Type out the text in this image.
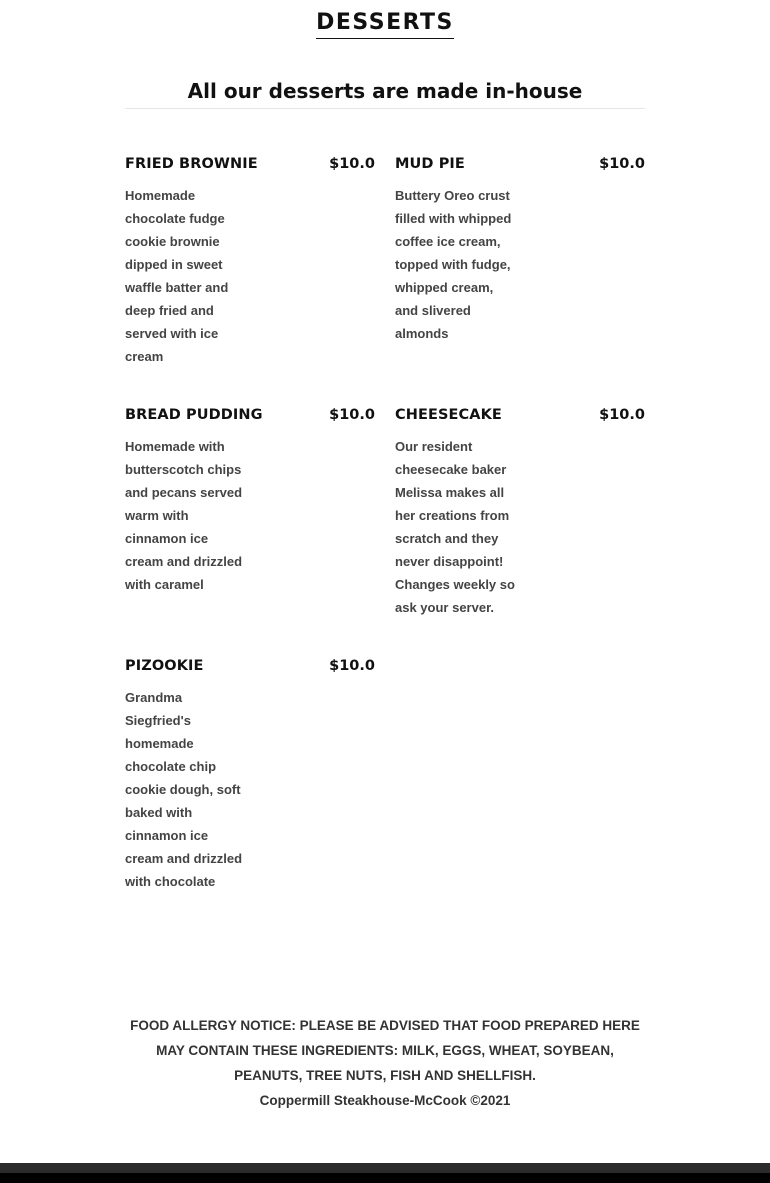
DESSERTS
All our desserts are made in-house
FRIED BROWNIE	$10.0

Homemade chocolate fudge cookie brownie dipped in sweet waffle batter and deep fried and served with ice cream

MUD PIE	$10.0

Buttery Oreo crust filled with whipped coffee ice cream, topped with fudge, whipped cream, and slivered almonds

BREAD PUDDING	$10.0

Homemade with butterscotch chips and pecans served warm with cinnamon ice cream and drizzled with caramel

CHEESECAKE	$10.0

Our resident cheesecake baker Melissa makes all her creations from scratch and they never disappoint! Changes weekly so ask your server.

PIZOOKIE	$10.0

Grandma Siegfried's homemade chocolate chip cookie dough, soft baked with cinnamon ice cream and drizzled with chocolate

FOOD ALLERGY NOTICE: PLEASE BE ADVISED THAT FOOD PREPARED HERE MAY CONTAIN THESE INGREDIENTS: MILK, EGGS, WHEAT, SOYBEAN, PEANUTS, TREE NUTS, FISH AND SHELLFISH.

Coppermill Steakhouse-McCook ©2021
